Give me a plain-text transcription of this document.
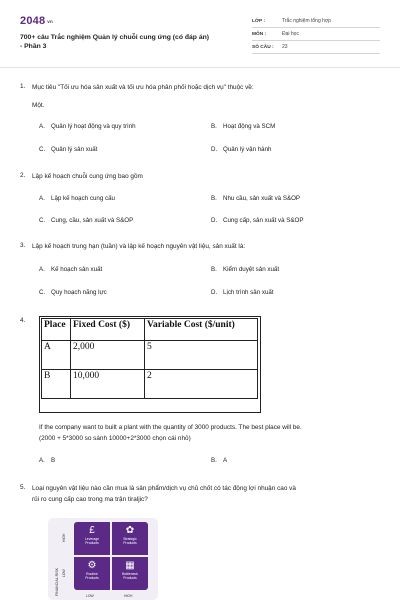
2048 vn
700+ câu Trắc nghiệm Quản lý chuỗi cung ứng (có đáp án)
- Phần 3
LỚP :	Trắc nghiệm tổng hợp
MÔN :	Đại học
SỐ CÂU :	23
1. Mục tiêu "Tối ưu hóa sản xuất và tối ưu hóa phân phối hoặc dịch vụ" thuộc về:
Một.
A. Quản lý hoạt động và quy trình	B. Hoạt động và SCM
C. Quản lý sản xuất	D. Quản lý vận hành
2. Lập kế hoạch chuỗi cung ứng bao gồm
A. Lập kế hoạch cung cấu	B. Nhu cầu, sản xuất và S&OP
C. Cung, cầu, sản xuất và S&OP	D. Cung cấp, sản xuất và S&OP
3. Lập kế hoạch trung hạn (tuần) và lập kế hoạch nguyên vật liệu, sản xuất là:
A. Kế hoạch sản xuất	B. Kiểm duyệt sản xuất
C. Quy hoạch năng lực	D. Lịch trình sản xuất
4. Place	Fixed Cost ($)	Variable Cost ($/unit)
A	2,000	5
B	10,000	2
If the company want to built a plant with the quantity of 3000 products. The best place will be.
(2000 + 5*3000 so sánh 10000+2*3000 chọn cái nhỏ)
A. B	B. A
5. Loại nguyên vật liệu nào cần mua là sản phẩm/dịch vụ chủ chốt có tác động lợi nhuận cao và
rủi ro cung cấp cao trong ma trận tiraljic?
FINANCIAL RISK
HIGH
LOW
£
Leverage
Products
✿
Strategic
Products
⚙
Routine
Products
▦
Bottleneck
Products
LOW	HIGH
